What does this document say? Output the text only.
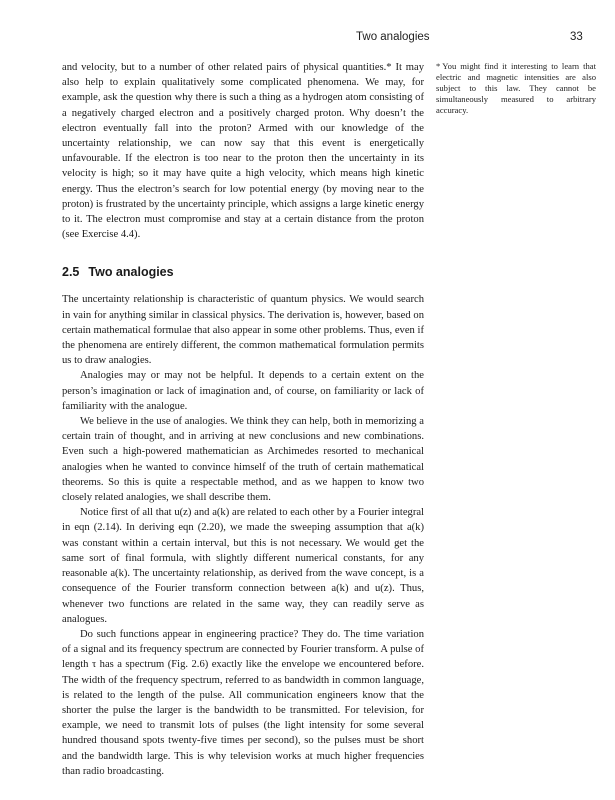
Two analogies	33
* You might find it interesting to learn that electric and magnetic intensities are also subject to this law. They cannot be simultaneously measured to arbitrary accuracy.

and velocity, but to a number of other related pairs of physical quantities.* It may also help to explain qualitatively some complicated phenomena. We may, for example, ask the question why there is such a thing as a hydrogen atom consisting of a negatively charged electron and a positively charged proton. Why doesn’t the electron eventually fall into the proton? Armed with our knowledge of the uncertainty relationship, we can now say that this event is energetically unfavourable. If the electron is too near to the proton then the uncertainty in its velocity is high; so it may have quite a high velocity, which means high kinetic energy. Thus the electron’s search for low potential energy (by moving near to the proton) is frustrated by the uncertainty principle, which assigns a large kinetic energy to it. The electron must compromise and stay at a certain distance from the proton (see Exercise 4.4).

2.5 Two analogies

The uncertainty relationship is characteristic of quantum physics. We would search in vain for anything similar in classical physics. The derivation is, however, based on certain mathematical formulae that also appear in some other problems. Thus, even if the phenomena are entirely different, the common mathematical formulation permits us to draw analogies.

Analogies may or may not be helpful. It depends to a certain extent on the person’s imagination or lack of imagination and, of course, on familiarity or lack of familiarity with the analogue.

We believe in the use of analogies. We think they can help, both in memorizing a certain train of thought, and in arriving at new conclusions and new combinations. Even such a high-powered mathematician as Archimedes resorted to mechanical analogies when he wanted to convince himself of the truth of certain mathematical theorems. So this is quite a respectable method, and as we happen to know two closely related analogies, we shall describe them.

Notice first of all that u(z) and a(k) are related to each other by a Fourier integral in eqn (2.14). In deriving eqn (2.20), we made the sweeping assumption that a(k) was constant within a certain interval, but this is not necessary. We would get the same sort of final formula, with slightly different numerical constants, for any reasonable a(k). The uncertainty relationship, as derived from the wave concept, is a consequence of the Fourier transform connection between a(k) and u(z). Thus, whenever two functions are related in the same way, they can readily serve as analogues.

Do such functions appear in engineering practice? They do. The time variation of a signal and its frequency spectrum are connected by Fourier transform. A pulse of length τ has a spectrum (Fig. 2.6) exactly like the envelope we encountered before. The width of the frequency spectrum, referred to as bandwidth in common language, is related to the length of the pulse. All communication engineers know that the shorter the pulse the larger is the bandwidth to be transmitted. For television, for example, we need to transmit lots of pulses (the light intensity for some several hundred thousand spots twenty-five times per second), so the pulses must be short and the bandwidth large. This is why television works at much higher frequencies than radio broadcasting.
